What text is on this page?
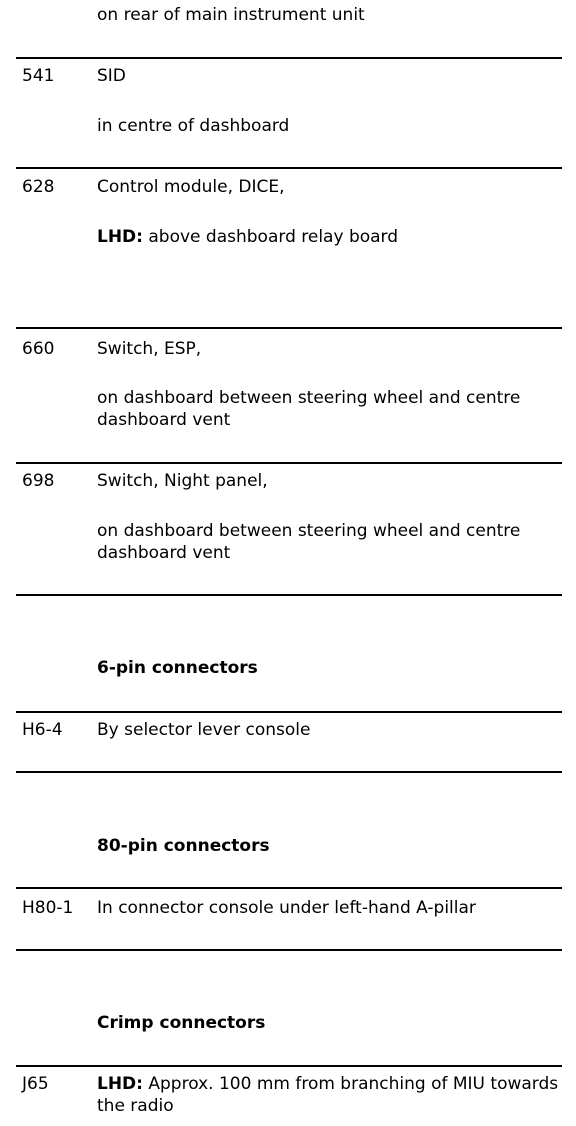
on rear of main instrument unit
541	SID
in centre of dashboard
628	Control module, DICE,
LHD: above dashboard relay board
660	Switch, ESP,
on dashboard between steering wheel and centre dashboard vent
698	Switch, Night panel,
on dashboard between steering wheel and centre dashboard vent
6-pin connectors
H6-4 By selector lever console
80-pin connectors
H80-1 In connector console under left-hand A-pillar
Crimp connectors
J65	LHD: Approx. 100 mm from branching of MIU towards the radio
